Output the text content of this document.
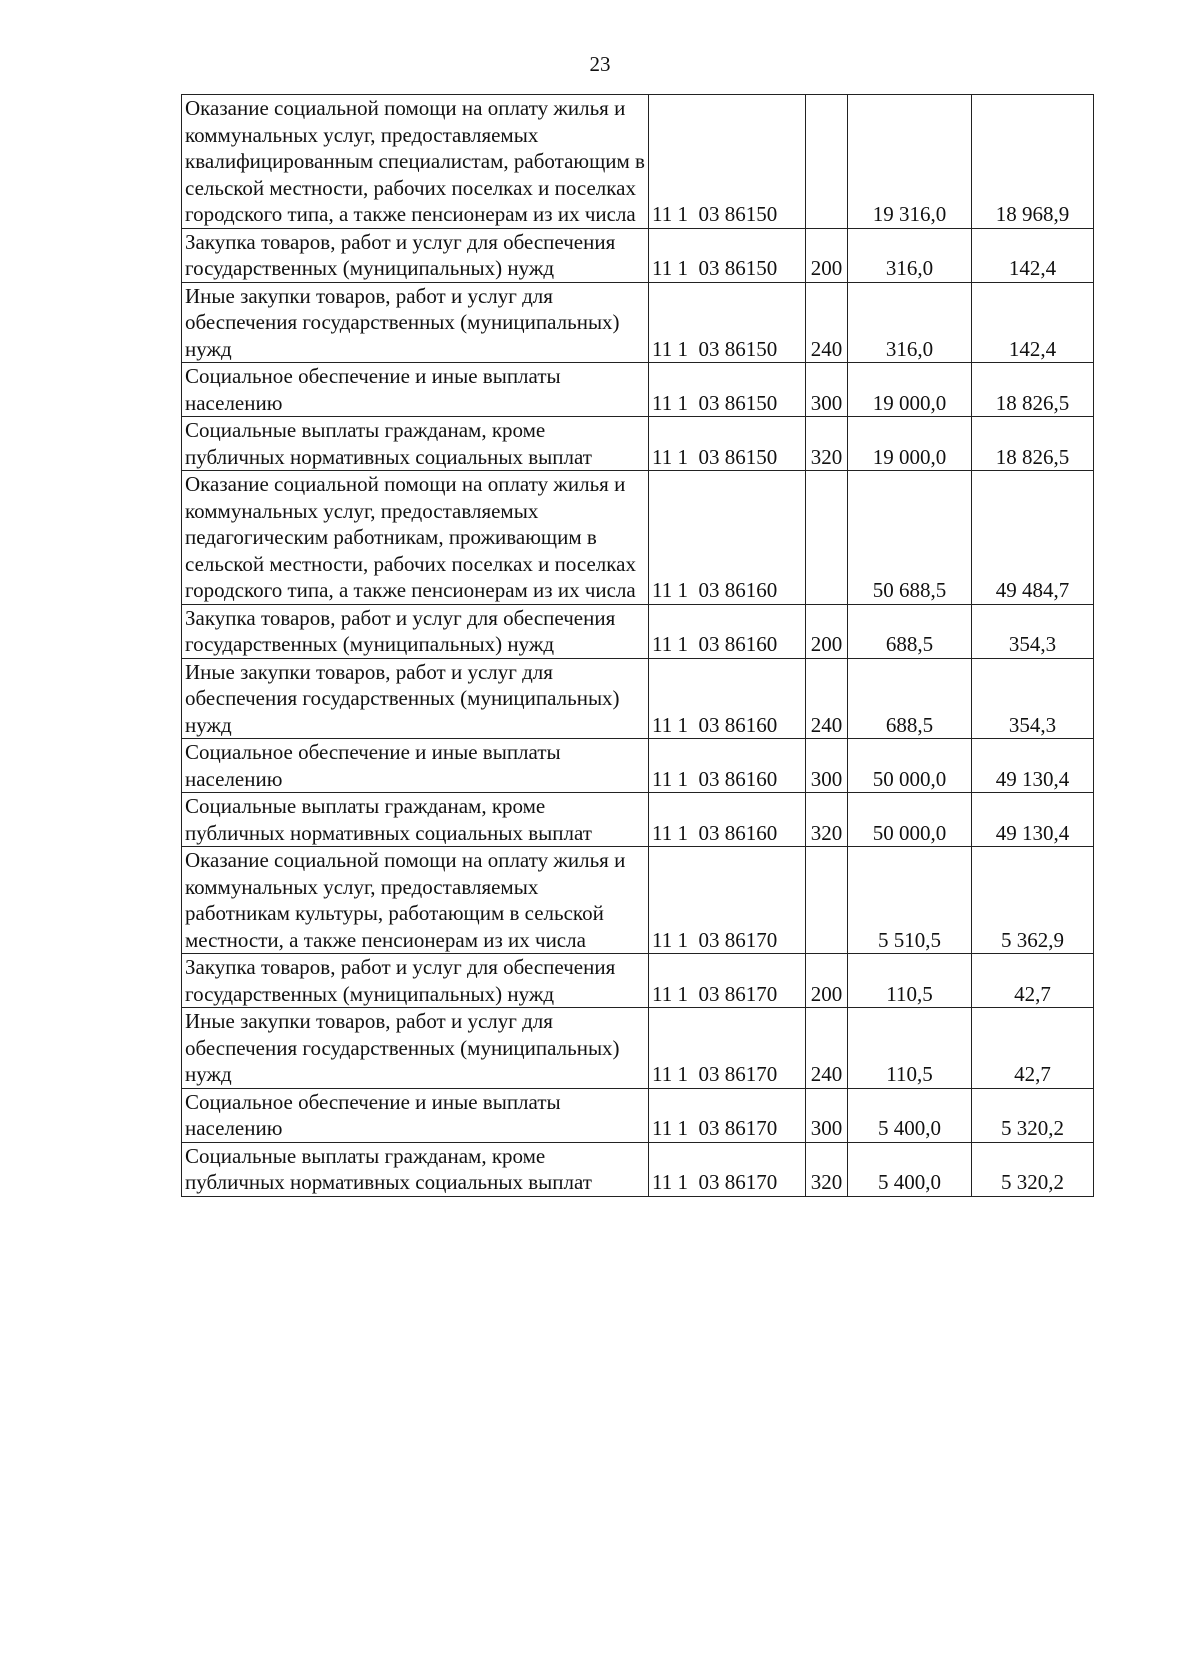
23
Оказание социальной помощи на оплату жилья и коммунальных услуг, предоставляемых квалифицированным специалистам, работающим в сельской местности, рабочих поселках и поселках городского типа, а также пенсионерам из их числа	11 1  03 86150		19 316,0	18 968,9
Закупка товаров, работ и услуг для обеспечения государственных (муниципальных) нужд	11 1  03 86150	200	316,0	142,4
Иные закупки товаров, работ и услуг для обеспечения государственных (муниципальных) нужд	11 1  03 86150	240	316,0	142,4
Социальное обеспечение и иные выплаты населению	11 1  03 86150	300	19 000,0	18 826,5
Социальные выплаты гражданам, кроме публичных нормативных социальных выплат	11 1  03 86150	320	19 000,0	18 826,5
Оказание социальной помощи на оплату жилья и коммунальных услуг, предоставляемых педагогическим работникам, проживающим в сельской местности, рабочих поселках и поселках городского типа, а также пенсионерам из их числа	11 1  03 86160		50 688,5	49 484,7
Закупка товаров, работ и услуг для обеспечения государственных (муниципальных) нужд	11 1  03 86160	200	688,5	354,3
Иные закупки товаров, работ и услуг для обеспечения государственных (муниципальных) нужд	11 1  03 86160	240	688,5	354,3
Социальное обеспечение и иные выплаты населению	11 1  03 86160	300	50 000,0	49 130,4
Социальные выплаты гражданам, кроме публичных нормативных социальных выплат	11 1  03 86160	320	50 000,0	49 130,4
Оказание социальной помощи на оплату жилья и коммунальных услуг, предоставляемых работникам культуры, работающим в сельской местности, а также пенсионерам из их числа	11 1  03 86170		5 510,5	5 362,9
Закупка товаров, работ и услуг для обеспечения государственных (муниципальных) нужд	11 1  03 86170	200	110,5	42,7
Иные закупки товаров, работ и услуг для обеспечения государственных (муниципальных) нужд	11 1  03 86170	240	110,5	42,7
Социальное обеспечение и иные выплаты населению	11 1  03 86170	300	5 400,0	5 320,2
Социальные выплаты гражданам, кроме публичных нормативных социальных выплат	11 1  03 86170	320	5 400,0	5 320,2
